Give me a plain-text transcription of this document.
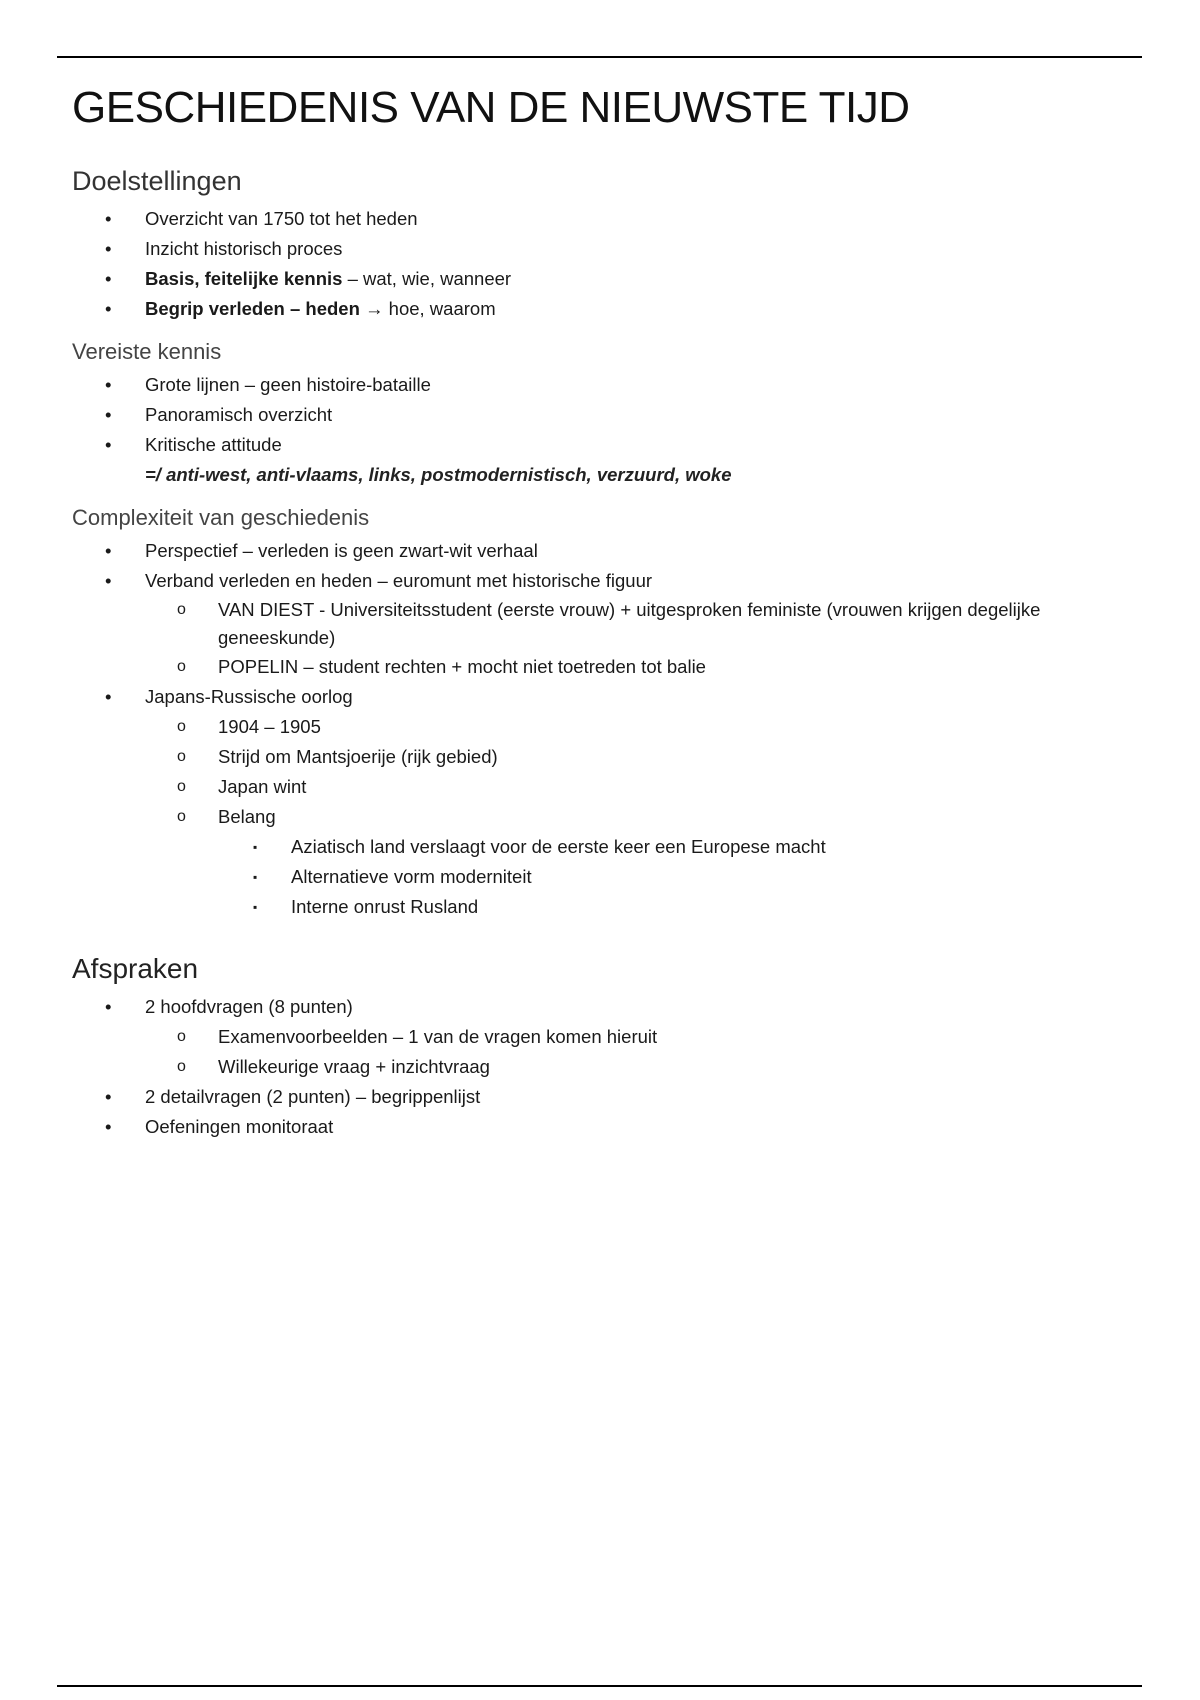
GESCHIEDENIS VAN DE NIEUWSTE TIJD
Doelstellingen
• Overzicht van 1750 tot het heden
• Inzicht historisch proces
• Basis, feitelijke kennis – wat, wie, wanneer
• Begrip verleden – heden → hoe, waarom
Vereiste kennis
• Grote lijnen – geen histoire-bataille
• Panoramisch overzicht
• Kritische attitude
=/ anti-west, anti-vlaams, links, postmodernistisch, verzuurd, woke
Complexiteit van geschiedenis
• Perspectief – verleden is geen zwart-wit verhaal
• Verband verleden en heden – euromunt met historische figuur
o VAN DIEST - Universiteitsstudent (eerste vrouw) + uitgesproken feministe (vrouwen krijgen degelijke geneeskunde)
o POPELIN – student rechten + mocht niet toetreden tot balie
• Japans-Russische oorlog
o 1904 – 1905
o Strijd om Mantsjoerije (rijk gebied)
o Japan wint
o Belang
▪ Aziatisch land verslaagt voor de eerste keer een Europese macht
▪ Alternatieve vorm moderniteit
▪ Interne onrust Rusland
Afspraken
• 2 hoofdvragen (8 punten)
o Examenvoorbeelden – 1 van de vragen komen hieruit
o Willekeurige vraag + inzichtvraag
• 2 detailvragen (2 punten) – begrippenlijst
• Oefeningen monitoraat
